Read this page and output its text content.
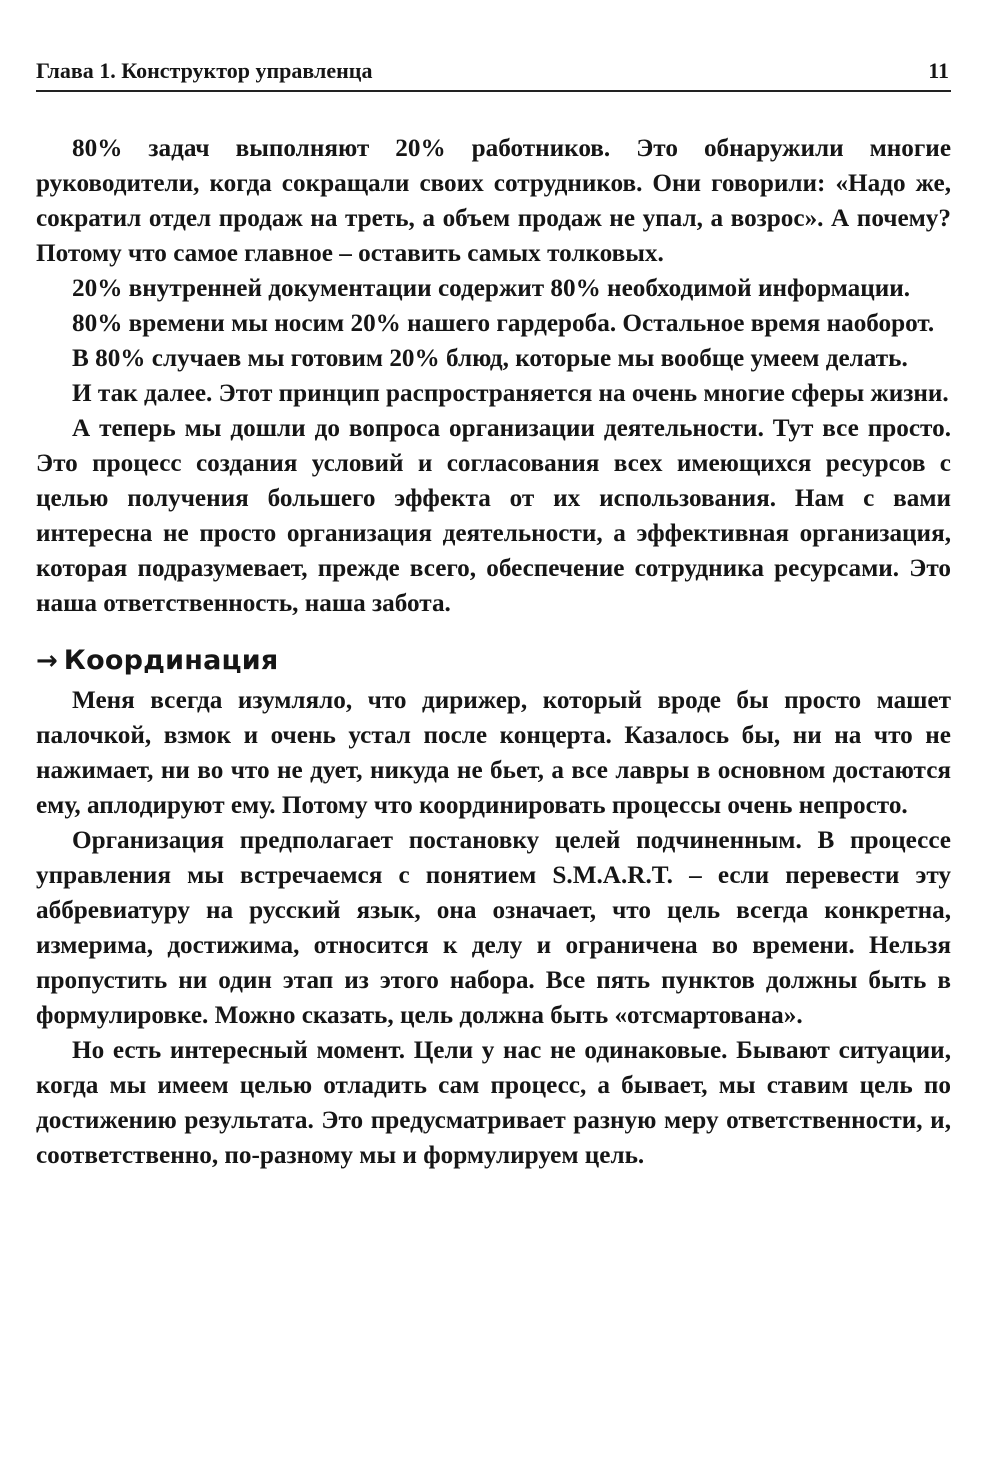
Глава 1. Конструктор управленца	11

80% задач выполняют 20% работников. Это обнаружили многие руководители, когда сокращали своих сотрудников. Они говорили: «Надо же, сократил отдел продаж на треть, а объем продаж не упал, а возрос». А почему? Потому что самое главное – оставить самых толковых.

20% внутренней документации содержит 80% необходимой информации.

80% времени мы носим 20% нашего гардероба. Остальное время наоборот.

В 80% случаев мы готовим 20% блюд, которые мы вообще умеем делать.

И так далее. Этот принцип распространяется на очень многие сферы жизни.

А теперь мы дошли до вопроса организации деятельности. Тут все просто. Это процесс создания условий и согласования всех имеющихся ресурсов с целью получения большего эффекта от их использования. Нам с вами интересна не просто организация деятельности, а эффективная организация, которая подразумевает, прежде всего, обеспечение сотрудника ресурсами. Это наша ответственность, наша забота.

→ Координация

Меня всегда изумляло, что дирижер, который вроде бы просто машет палочкой, взмок и очень устал после концерта. Казалось бы, ни на что не нажимает, ни во что не дует, никуда не бьет, а все лавры в основном достаются ему, аплодируют ему. Потому что координировать процессы очень непросто.

Организация предполагает постановку целей подчиненным. В процессе управления мы встречаемся с понятием S.M.A.R.T. – если перевести эту аббревиатуру на русский язык, она означает, что цель всегда конкретна, измерима, достижима, относится к делу и ограничена во времени. Нельзя пропустить ни один этап из этого набора. Все пять пунктов должны быть в формулировке. Можно сказать, цель должна быть «отсмартована».

Но есть интересный момент. Цели у нас не одинаковые. Бывают ситуации, когда мы имеем целью отладить сам процесс, а бывает, мы ставим цель по достижению результата. Это предусматривает разную меру ответственности, и, соответственно, по-разному мы и формулируем цель.
